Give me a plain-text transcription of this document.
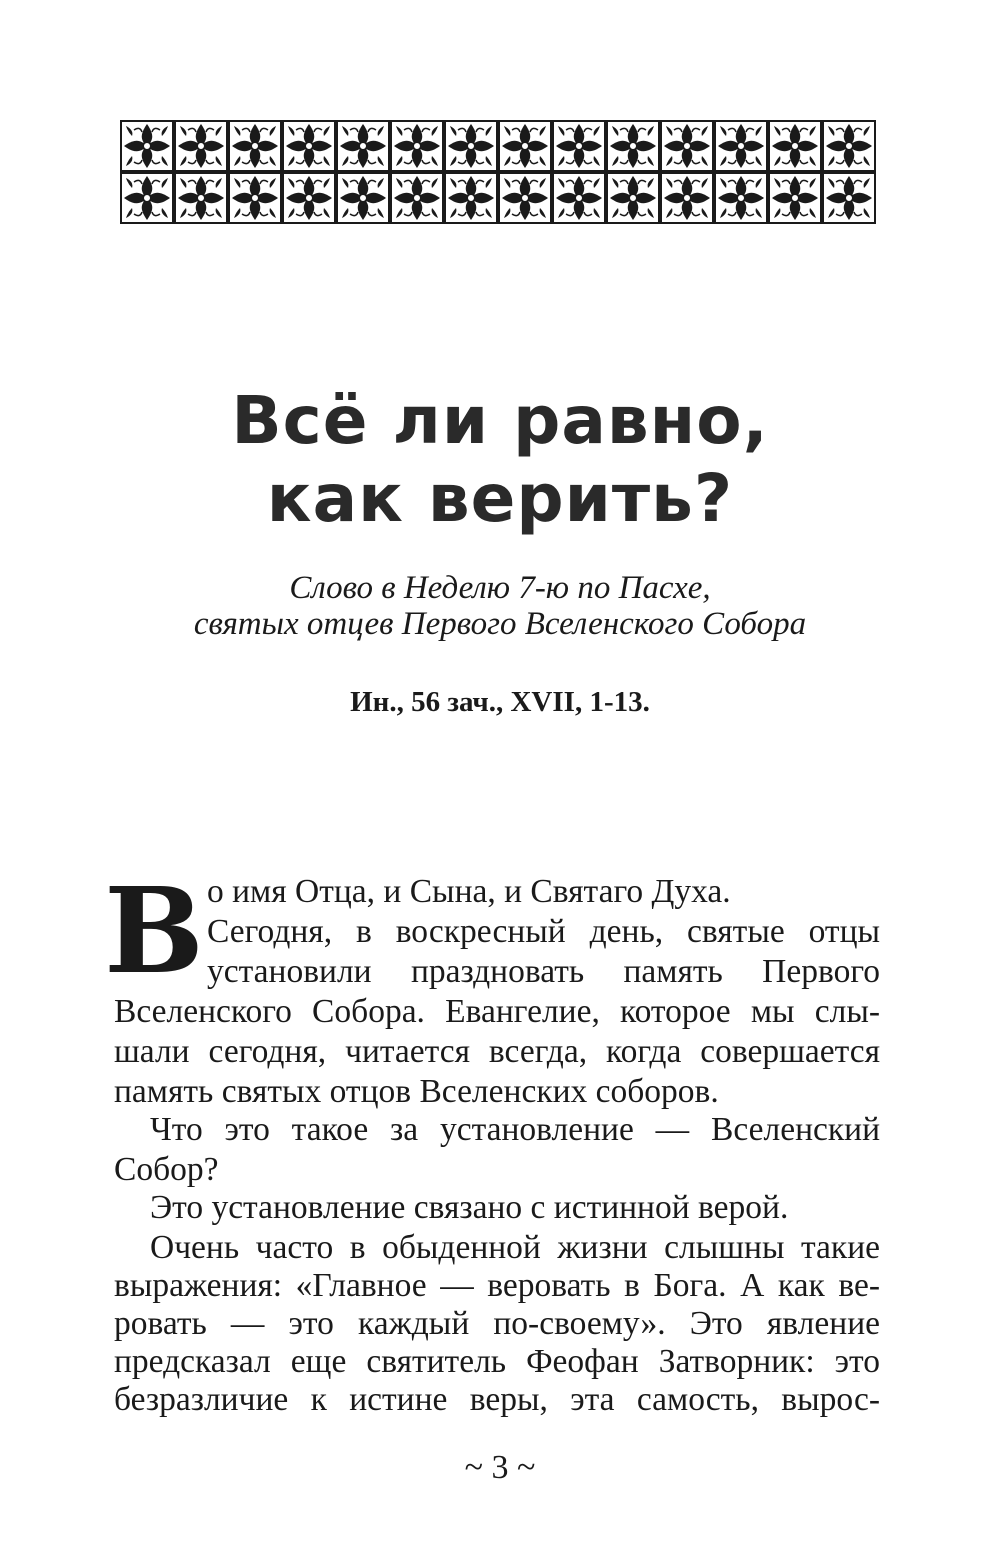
Всё ли равно,
как верить?
Слово в Неделю 7-ю по Пасхе,
святых отцев Первого Вселенского Собора
Ин., 56 зач., XVII, 1-13.
В о имя Отца, и Сына, и Святаго Духа.
Сегодня, в воскресный день, святые отцы
установили праздновать память Первого
Вселенского Собора. Евангелие, которое мы слы-
шали сегодня, читается всегда, когда совершается
память святых отцов Вселенских соборов.
Что это такое за установление — Вселенский
Собор?
Это установление связано с истинной верой.
Очень часто в обыденной жизни слышны такие
выражения: «Главное — веровать в Бога. А как ве-
ровать — это каждый по-своему». Это явление
предсказал еще святитель Феофан Затворник: это
безразличие к истине веры, эта самость, вырос-
~ 3 ~
